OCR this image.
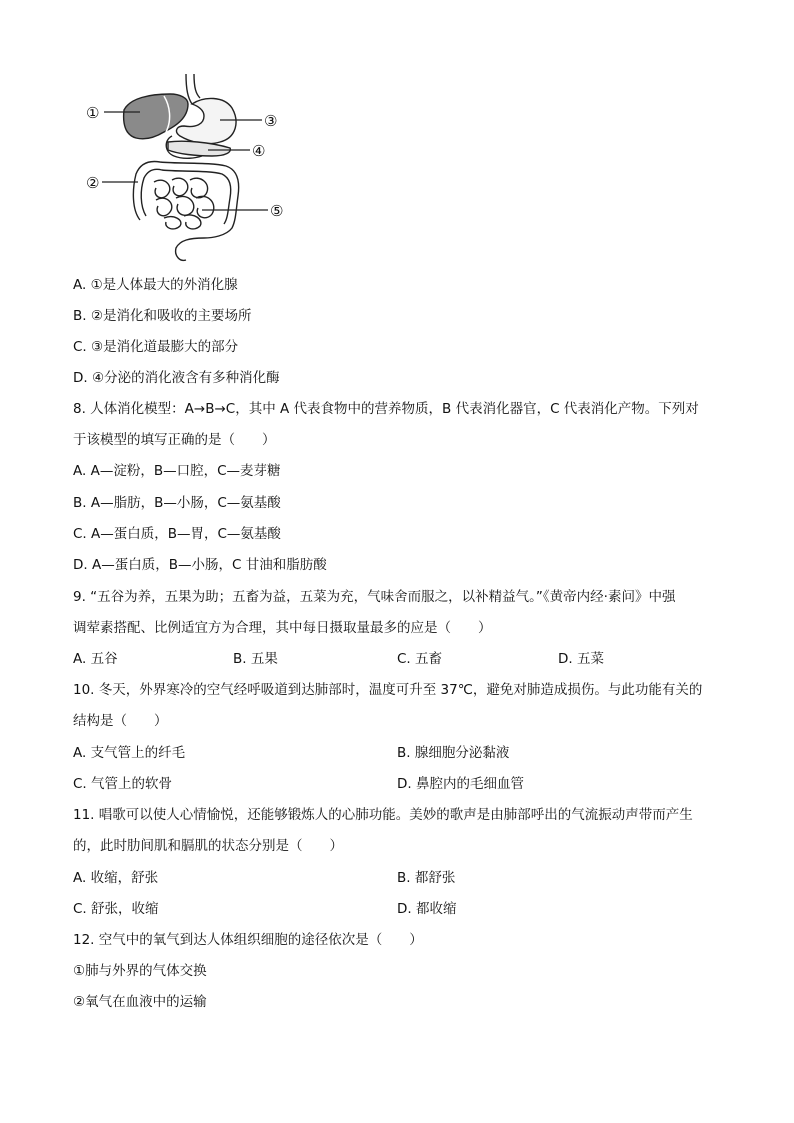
①
②
③
④
⑤
A. ①是人体最大的外消化腺
B. ②是消化和吸收的主要场所
C. ③是消化道最膨大的部分
D. ④分泌的消化液含有多种消化酶
8. 人体消化模型：A→B→C，其中 A 代表食物中的营养物质，B 代表消化器官，C 代表消化产物。下列对
于该模型的填写正确的是（　　）
A. A—淀粉，B—口腔，C—麦芽糖
B. A—脂肪，B—小肠，C—氨基酸
C. A—蛋白质，B—胃，C—氨基酸
D. A—蛋白质，B—小肠，C 甘油和脂肪酸
9. “五谷为养，五果为助；五畜为益，五菜为充，气味舍而服之，以补精益气。”《黄帝内经·素问》中强
调荤素搭配、比例适宜方为合理，其中每日摄取量最多的应是（　　）
A. 五谷	B. 五果	C. 五畜	D. 五菜
10. 冬天，外界寒冷的空气经呼吸道到达肺部时，温度可升至 37℃，避免对肺造成损伤。与此功能有关的
结构是（　　）
A. 支气管上的纤毛	B. 腺细胞分泌黏液
C. 气管上的软骨	D. 鼻腔内的毛细血管
11. 唱歌可以使人心情愉悦，还能够锻炼人的心肺功能。美妙的歌声是由肺部呼出的气流振动声带而产生
的，此时肋间肌和膈肌的状态分别是（　　）
A. 收缩，舒张	B. 都舒张
C. 舒张，收缩	D. 都收缩
12. 空气中的氧气到达人体组织细胞的途径依次是（　　）
①肺与外界的气体交换
②氧气在血液中的运输
